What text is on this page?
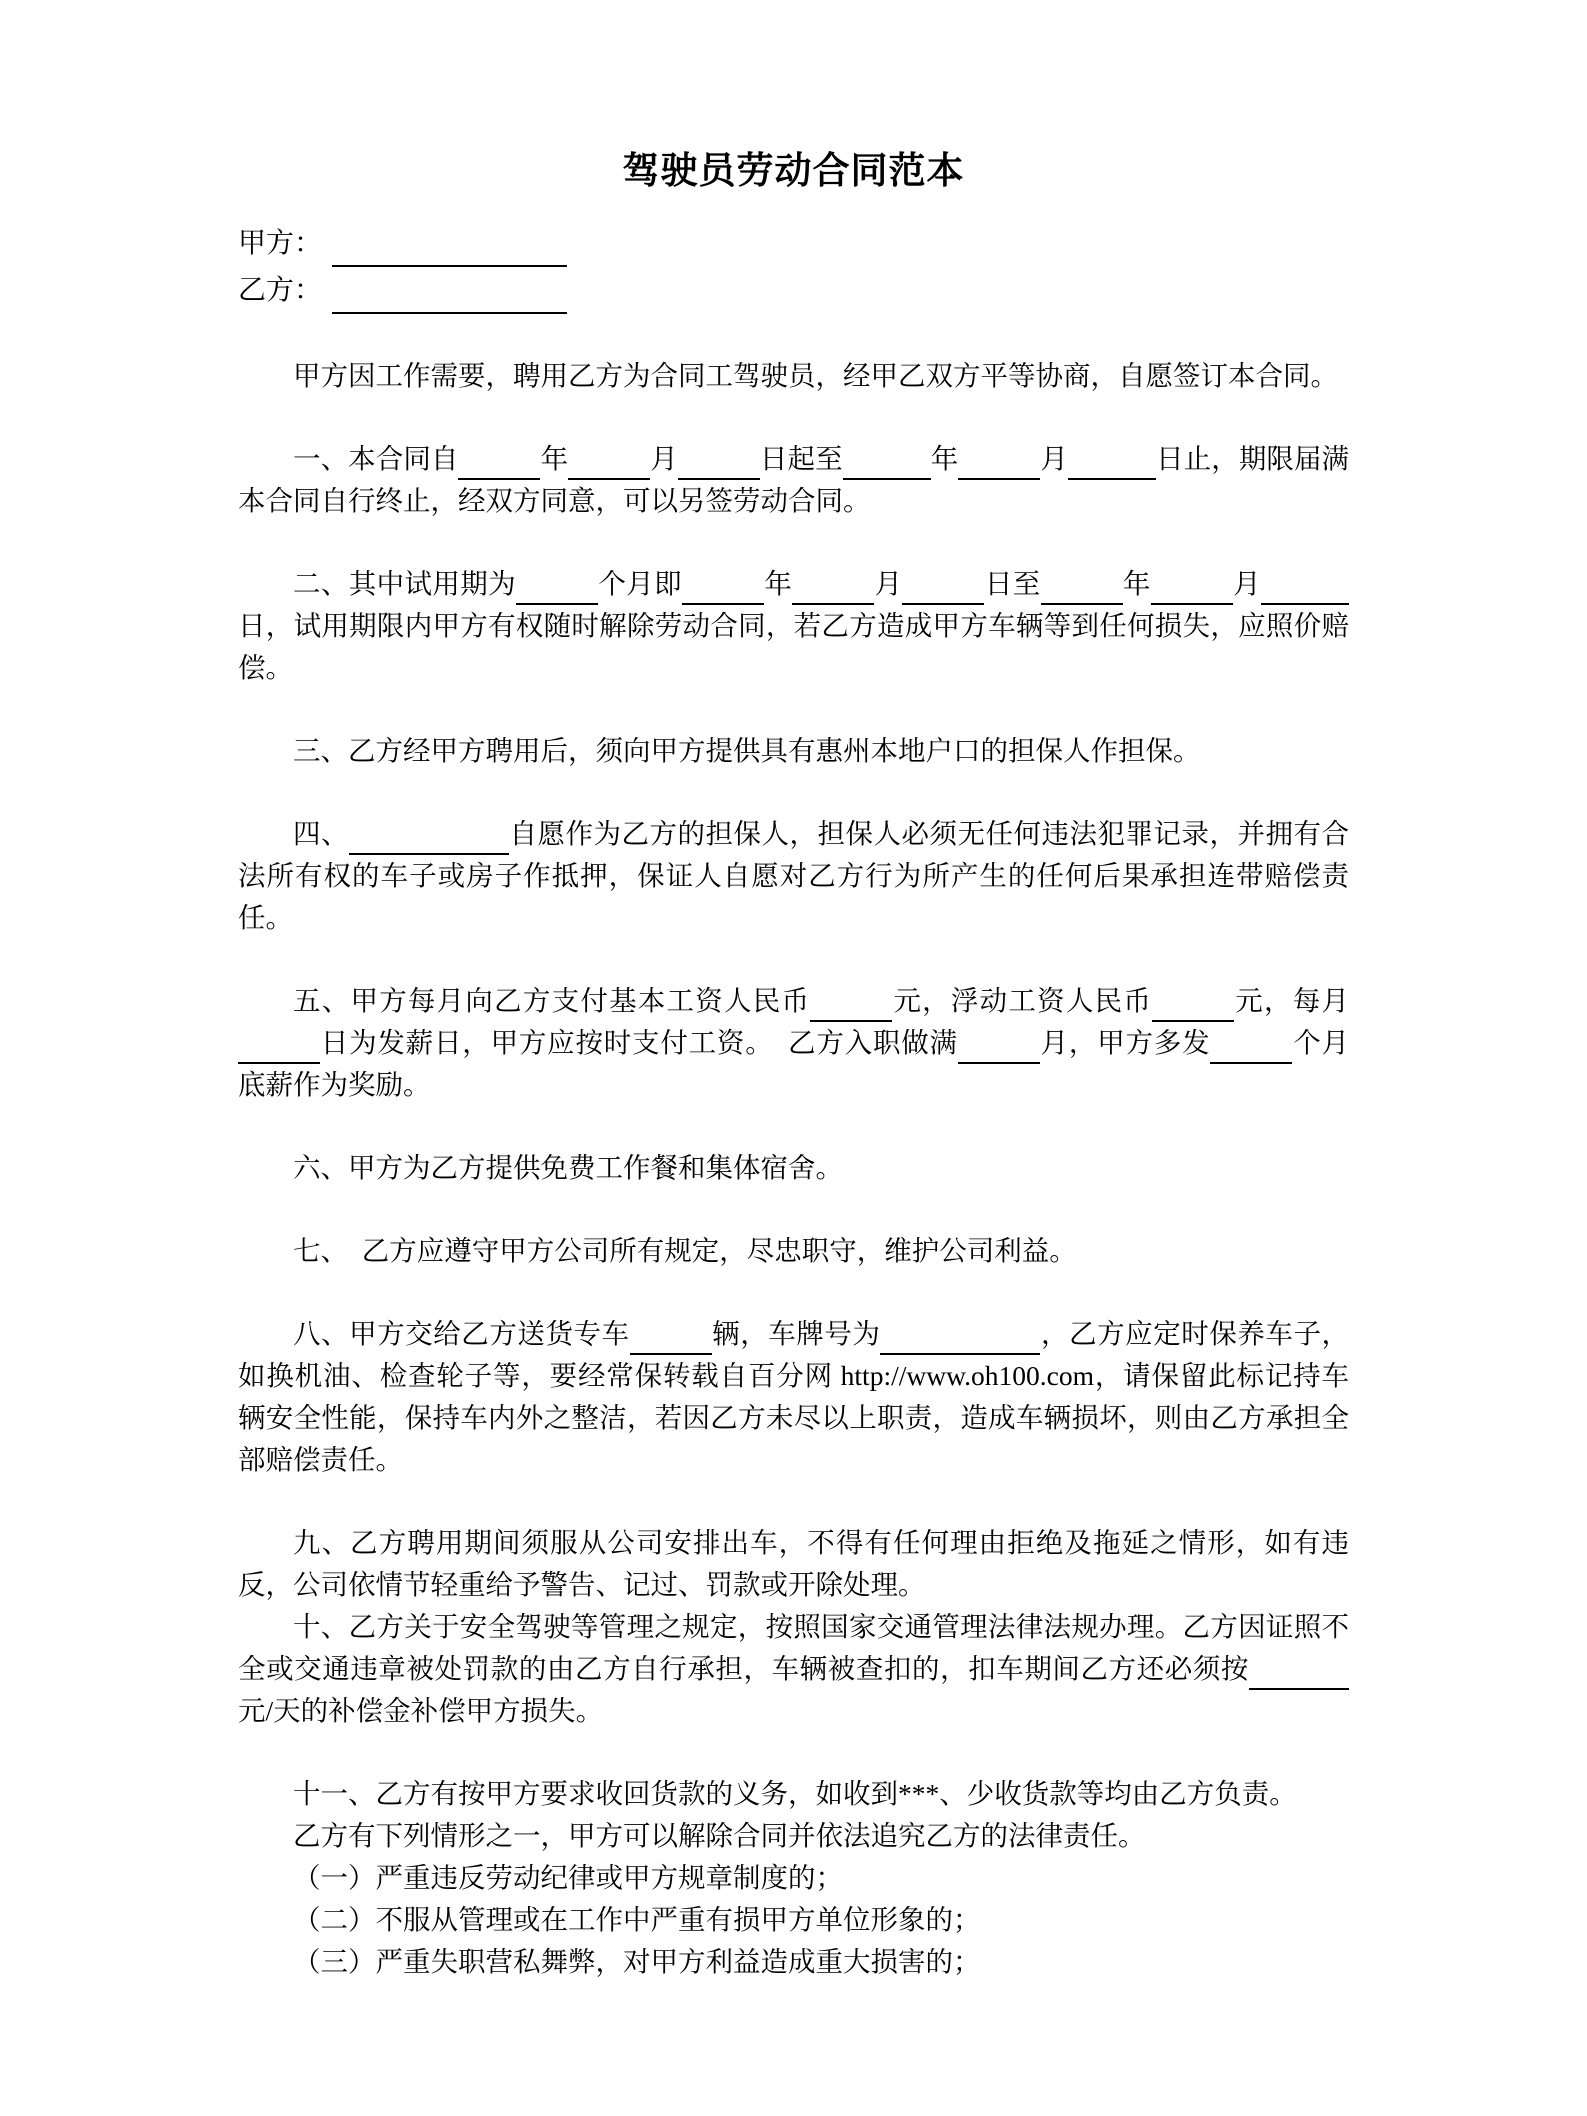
驾驶员劳动合同范本
甲方：
乙方：

甲方因工作需要，聘用乙方为合同工驾驶员，经甲乙双方平等协商，自愿签订本合同。

一、本合同自	年	月	日起至	年	月	日止，期限届满本合同自行终止，经双方同意，可以另签劳动合同。

二、其中试用期为	个月即	年	月	日至	年	月日，试用期限内甲方有权随时解除劳动合同，若乙方造成甲方车辆等到任何损失，应照价赔偿。

三、乙方经甲方聘用后，须向甲方提供具有惠州本地户口的担保人作担保。

四、	自愿作为乙方的担保人，担保人必须无任何违法犯罪记录，并拥有合法所有权的车子或房子作抵押，保证人自愿对乙方行为所产生的任何后果承担连带赔偿责任。

五、甲方每月向乙方支付基本工资人民币	元，浮动工资人民币	元，每月日为发薪日，甲方应按时支付工资。　乙方入职做满	月，甲方多发	个月底薪作为奖励。

六、甲方为乙方提供免费工作餐和集体宿舍。

七、　乙方应遵守甲方公司所有规定，尽忠职守，维护公司利益。

八、甲方交给乙方送货专车	辆，车牌号为	，乙方应定时保养车子，如换机油、检查轮子等，要经常保转载自百分网 http://www.oh100.com，请保留此标记持车辆安全性能，保持车内外之整洁，若因乙方未尽以上职责，造成车辆损坏，则由乙方承担全部赔偿责任。

九、乙方聘用期间须服从公司安排出车，不得有任何理由拒绝及拖延之情形，如有违反，公司依情节轻重给予警告、记过、罚款或开除处理。

十、乙方关于安全驾驶等管理之规定，按照国家交通管理法律法规办理。乙方因证照不全或交通违章被处罚款的由乙方自行承担，车辆被查扣的，扣车期间乙方还必须按元/天的补偿金补偿甲方损失。

十一、乙方有按甲方要求收回货款的义务，如收到***、少收货款等均由乙方负责。

乙方有下列情形之一，甲方可以解除合同并依法追究乙方的法律责任。

（一）严重违反劳动纪律或甲方规章制度的；

（二）不服从管理或在工作中严重有损甲方单位形象的；

（三）严重失职营私舞弊，对甲方利益造成重大损害的；
